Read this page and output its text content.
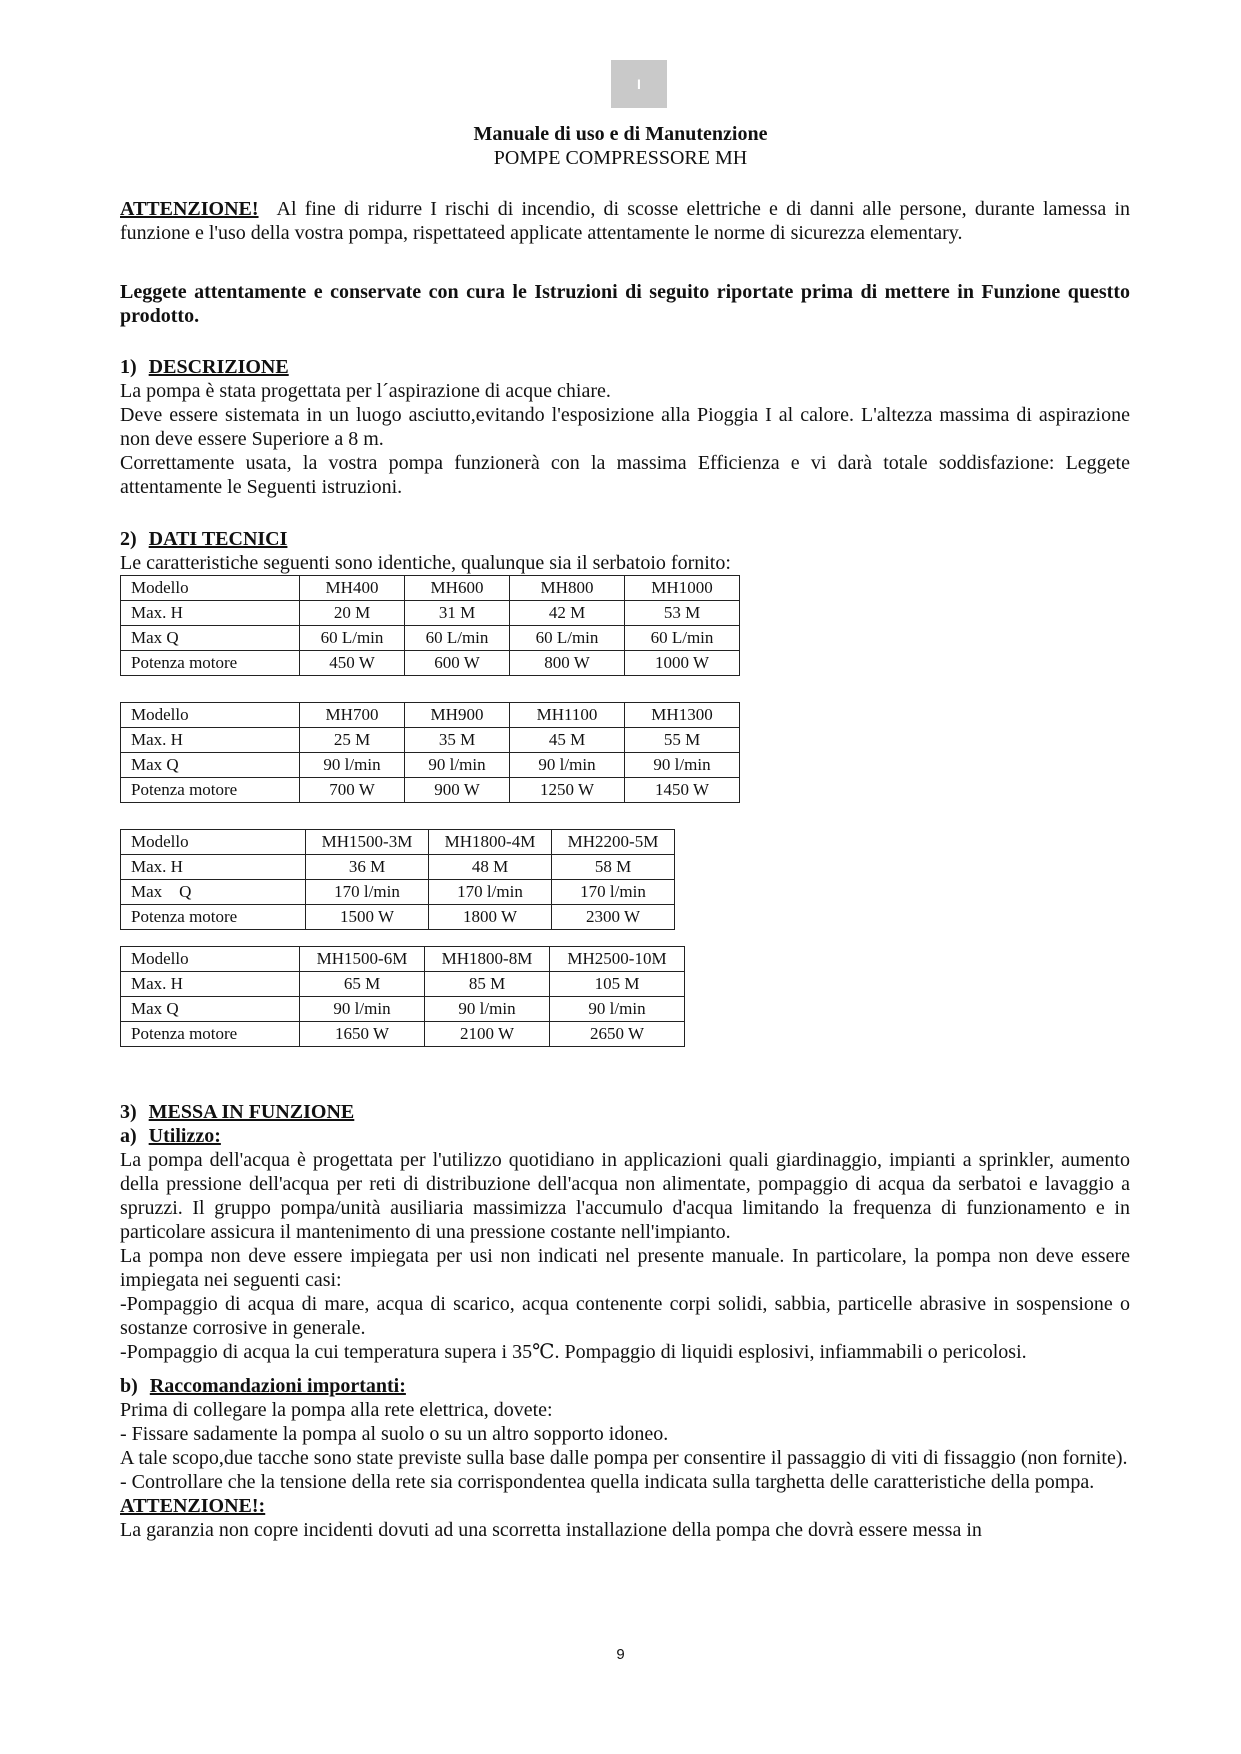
I
Manuale di uso e di Manutenzione
POMPE COMPRESSORE MH

ATTENZIONE! Al fine di ridurre I rischi di incendio, di scosse elettriche e di danni alle persone, durante lamessa in funzione e l'uso della vostra pompa, rispettateed applicate attentamente le norme di sicurezza elementary.

Leggete attentamente e conservate con cura le Istruzioni di seguito riportate prima di mettere in Funzione questto prodotto.

1) DESCRIZIONE

La pompa è stata progettata per l´aspirazione di acque chiare.

Deve essere sistemata in un luogo asciutto,evitando l'esposizione alla Pioggia I al calore. L'altezza massima di aspirazione non deve essere Superiore a 8 m.

Correttamente usata, la vostra pompa funzionerà con la massima Efficienza e vi darà totale soddisfazione: Leggete attentamente le Seguenti istruzioni.

2) DATI TECNICI

Le caratteristiche seguenti sono identiche, qualunque sia il serbatoio fornito:

Modello	MH400	MH600	MH800	MH1000
Max. H	20 M	31 M	42 M	53 M
Max Q	60 L/min	60 L/min	60 L/min	60 L/min
Potenza motore	450 W	600 W	800 W	1000 W
Modello	MH700	MH900	MH1100	MH1300
Max. H	25 M	35 M	45 M	55 M
Max Q	90 l/min	90 l/min	90 l/min	90 l/min
Potenza motore	700 W	900 W	1250 W	1450 W
Modello	MH1500-3M	MH1800-4M	MH2200-5M
Max. H	36 M	48 M	58 M
Max    Q	170 l/min	170 l/min	170 l/min
Potenza motore	1500 W	1800 W	2300 W
Modello	MH1500-6M	MH1800-8M	MH2500-10M
Max. H	65 M	85 M	105 M
Max Q	90 l/min	90 l/min	90 l/min
Potenza motore	1650 W	2100 W	2650 W
3) MESSA IN FUNZIONE
a) Utilizzo:

La pompa dell'acqua è progettata per l'utilizzo quotidiano in applicazioni quali giardinaggio, impianti a sprinkler, aumento della pressione dell'acqua per reti di distribuzione dell'acqua non alimentate, pompaggio di acqua da serbatoi e lavaggio a spruzzi. Il gruppo pompa/unità ausiliaria massimizza l'accumulo d'acqua limitando la frequenza di funzionamento e in particolare assicura il mantenimento di una pressione costante nell'impianto.

La pompa non deve essere impiegata per usi non indicati nel presente manuale. In particolare, la pompa non deve essere impiegata nei seguenti casi:

-Pompaggio di acqua di mare, acqua di scarico, acqua contenente corpi solidi, sabbia, particelle abrasive in sospensione o sostanze corrosive in generale.

-Pompaggio di acqua la cui temperatura supera i 35℃. Pompaggio di liquidi esplosivi, infiammabili o pericolosi.

b) Raccomandazioni importanti:

Prima di collegare la pompa alla rete elettrica, dovete:

- Fissare sadamente la pompa al suolo o su un altro sopporto idoneo.

A tale scopo,due tacche sono state previste sulla base dalle pompa per consentire il passaggio di viti di fissaggio (non fornite).

- Controllare che la tensione della rete sia corrispondentea quella indicata sulla targhetta delle caratteristiche della pompa.

ATTENZIONE!:

La garanzia non copre incidenti dovuti ad una scorretta installazione della pompa che dovrà essere messa in

9
